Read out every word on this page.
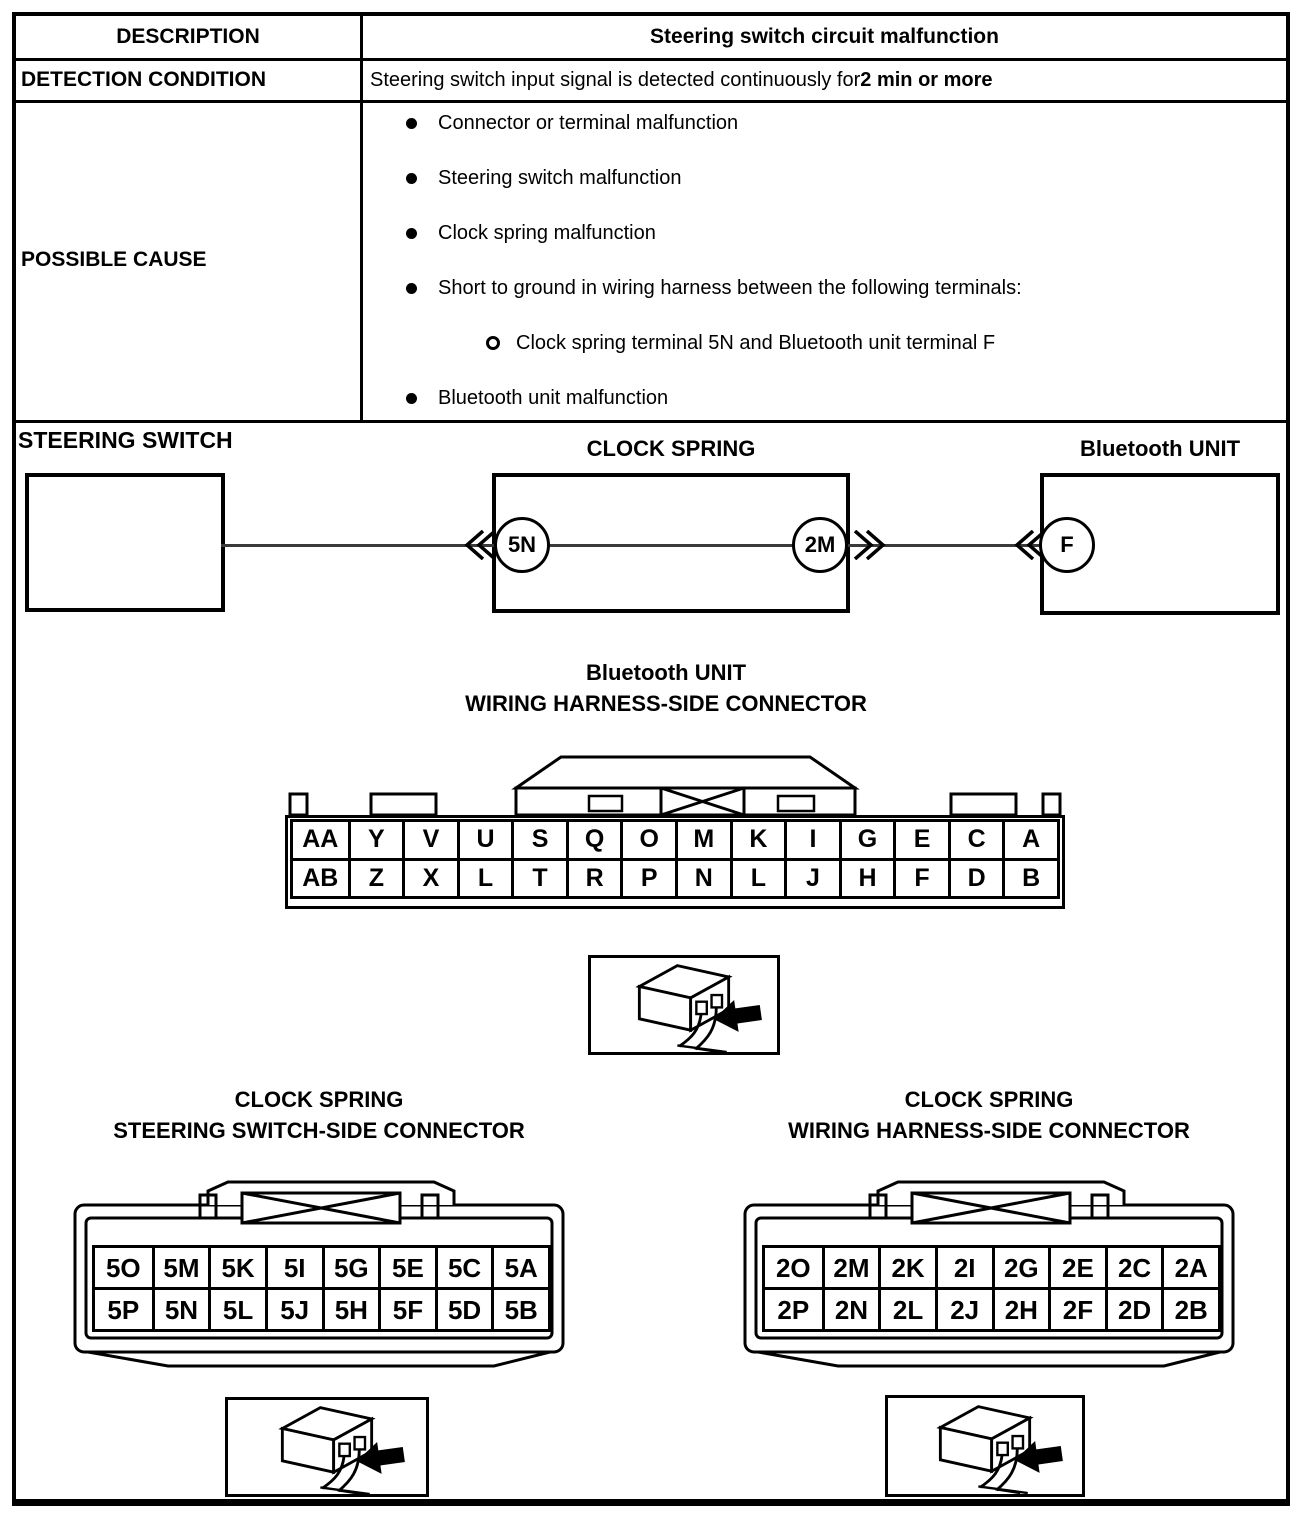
DESCRIPTION	Steering switch circuit malfunction
DETECTION CONDITION	Steering switch input signal is detected continuously for 2 min or more
POSSIBLE CAUSE
Connector or terminal malfunction
Steering switch malfunction
Clock spring malfunction
Short to ground in wiring harness between the following terminals:
Clock spring terminal 5N and Bluetooth unit terminal F
Bluetooth unit malfunction
STEERING SWITCH	CLOCK SPRING	Bluetooth UNIT
5N	2M	F
Bluetooth UNIT
WIRING HARNESS-SIDE CONNECTOR
AA	Y	V	U	S	Q	O	M	K	I	G	E	C	A
AB	Z	X	L	T	R	P	N	L	J	H	F	D	B
CLOCK SPRING
STEERING SWITCH-SIDE CONNECTOR
5O 5M 5K	5I	5G 5E 5C 5A
5P 5N 5L	5J 5H 5F 5D 5B
CLOCK SPRING
WIRING HARNESS-SIDE CONNECTOR
2O 2M 2K	2I	2G 2E 2C 2A
2P 2N 2L	2J 2H 2F 2D 2B
